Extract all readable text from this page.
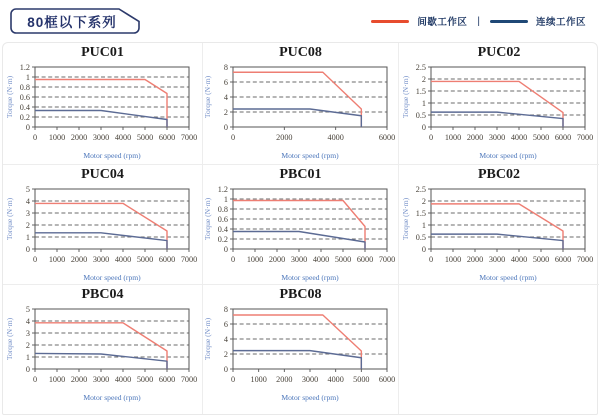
80框以下系列	间歇工作区 |	连续工作区
PUC01
0 1000 2000 3000 4000 5000 6000 7000
0
0.2
0.4
0.6
0.8
1
1.2
Motor speed (rpm)
Torque (N·m)
PUC08
0	2000	4000	6000
0
2
4
6
8
Motor speed (rpm)
Torque (N·m)
PUC02
0 1000 2000 3000 4000 5000 6000 7000
0
0.5
1
1.5
2
2.5
Motor speed (rpm)
Torque (N·m)
PUC04
0 1000 2000 3000 4000 5000 6000 7000
0
1
2
3
4
5
Motor speed (rpm)
Torque (N·m)
PBC01
0 1000 2000 3000 4000 5000 6000 7000
0
0.2
0.4
0.6
0.8
1
1.2
Motor speed (rpm)
Torque (N·m)
PBC02
0 1000 2000 3000 4000 5000 6000 7000
0
0.5
1
1.5
2
2.5
Motor speed (rpm)
Torque (N·m)
PBC04
0 1000 2000 3000 4000 5000 6000 7000
0
1
2
3
4
5
Motor speed (rpm)
Torque (N·m)
PBC08
0 1000 2000 3000 4000 5000 6000
0
2
4
6
8
Motor speed (rpm)
Torque (N·m)
